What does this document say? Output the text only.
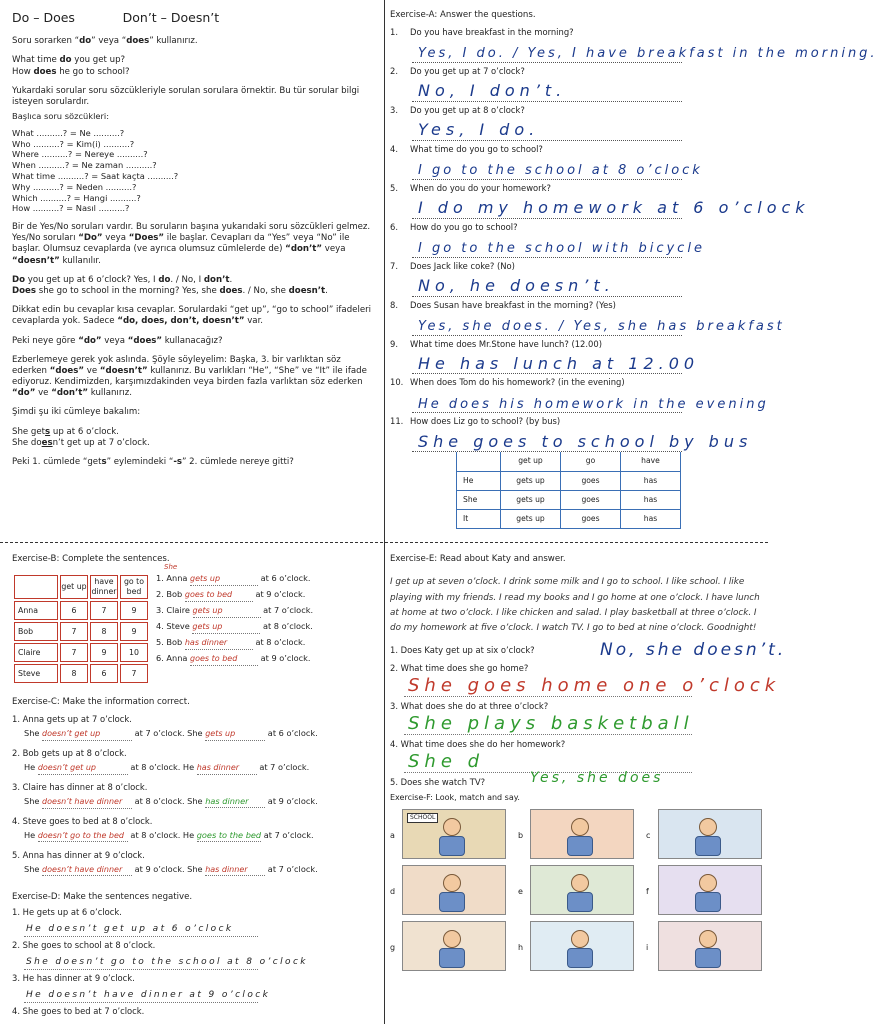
Do – Does            Don’t – Doesn’t
Soru sorarken “do” veya “does” kullanırız.
What time do you get up?
How does he go to school?
Yukardaki sorular soru sözcükleriyle sorulan sorulara örnektir. Bu tür sorular bilgi isteyen sorulardır.
Başlıca soru sözcükleri:
What ..........? = Ne ..........?
Who ..........? = Kim(i) ..........?
Where ..........? = Nereye ..........?
When ..........? = Ne zaman ..........?
What time ..........? = Saat kaçta ..........?
Why ..........? = Neden ..........?
Which ..........? = Hangi ..........?
How ..........? = Nasıl ..........?
Bir de Yes/No soruları vardır. Bu soruların başına yukarıdaki soru sözcükleri gelmez. Yes/No soruları “Do” veya “Does” ile başlar. Cevapları da “Yes” veya “No” ile başlar. Olumsuz cevaplarda (ve ayrıca olumsuz cümlelerde de) “don’t” veya “doesn’t” kullanılır.
Do you get up at 6 o’clock? Yes, I do. / No, I don’t.
Does she go to school in the morning? Yes, she does. / No, she doesn’t.
Dikkat edin bu cevaplar kısa cevaplar. Sorulardaki “get up”, “go to school” ifadeleri cevaplarda yok. Sadece “do, does, don’t, doesn’t” var.
Peki neye göre “do” veya “does” kullanacağız?
Ezberlemeye gerek yok aslında. Şöyle söyleyelim: Başka, 3. bir varlıktan söz ederken “does” ve “doesn’t” kullanırız. Bu varlıkları “He”, “She” ve “It” ile ifade ediyoruz. Kendimizden, karşımızdakinden veya birden fazla varlıktan söz ederken “do” ve “don’t” kullanırız.
Şimdi şu iki cümleye bakalım:
She gets up at 6 o’clock.
She doesn’t get up at 7 o’clock.
Peki 1. cümlede “gets” eylemindeki “-s” 2. cümlede nereye gitti?
Exercise-A: Answer the questions.
1.	Do you have breakfast in the morning?
Yes, I do. / Yes, I have breakfast in the morning.
2.	Do you get up at 7 o’clock?
No, I don’t.
3.	Do you get up at 8 o’clock?
Yes, I do.
4.	What time do you go to school?
I go to the school at 8 o’clock
5.	When do you do your homework?
I do my homework at 6 o’clock
6.	How do you go to school?
I go to the school with bicycle
7.	Does Jack like coke? (No)
No, he doesn’t.
8.	Does Susan have breakfast in the morning? (Yes)
Yes, she does. / Yes, she has breakfast
9.	What time does Mr.Stone have lunch? (12.00)
He has lunch at 12.00
10. When does Tom do his homework? (in the evening)
He does his homework in the evening
11. How does Liz go to school? (by bus)
She goes to school by bus
	get up	go	have
He	gets up	goes	has
She	gets up	goes	has
It	gets up	goes	has
Exercise-B: Complete the sentences.
	get up	have dinner	go to bed
Anna	6	7	9
Bob	7	8	9
Claire	7	9	10
Steve	8	6	7
She
1. Anna gets up	at 6 o’clock.
2. Bob goes to bed	at 9 o’clock.
3. Claire gets up	at 7 o’clock.
4. Steve gets up	at 8 o’clock.
5. Bob has dinner	at 8 o’clock.
6. Anna goes to bed	at 9 o’clock.
Exercise-C: Make the information correct.
1. Anna gets up at 7 o’clock.
She doesn’t get up	at 7 o’clock. She gets up	at 6 o’clock.
2. Bob gets up at 8 o’clock.
He doesn’t get up	at 8 o’clock. He has dinner at 7 o’clock.
3. Claire has dinner at 8 o’clock.
She doesn’t have dinner at 8 o’clock. She has dinner at 9 o’clock.
4. Steve goes to bed at 8 o’clock.
He doesn’t go to the bed at 8 o’clock. He goes to the bed at 7 o’clock.
5. Anna has dinner at 9 o’clock.
She doesn’t have dinner at 9 o’clock. She has dinner at 7 o’clock.
Exercise-D: Make the sentences negative.
1. He gets up at 6 o’clock.
He doesn’t get up at 6 o’clock
2. She goes to school at 8 o’clock.
She doesn’t go to the school at 8 o’clock
3. He has dinner at 9 o’clock.
He doesn’t have dinner at 9 o’clock
4. She goes to bed at 7 o’clock.
Exercise-E: Read about Katy and answer.
I get up at seven o’clock. I drink some milk and I go to school. I like school. I like playing with my friends. I read my books and I go home at one o’clock. I have lunch at home at two o’clock. I like chicken and salad. I play basketball at three o’clock. I do my homework at five o’clock. I watch TV. I go to bed at nine o’clock. Goodnight!
1. Does Katy get up at six o’clock?	No, she doesn’t.
2. What time does she go home?
She goes home one o’clock
3. What does she do at three o’clock?
She plays basketball
4. What time does she do her homework?
She d
5. Does she watch TV?	Yes, she does
Exercise-F: Look, match and say.
a
SCHOOL
b	c
d	e	f
g	h	i
